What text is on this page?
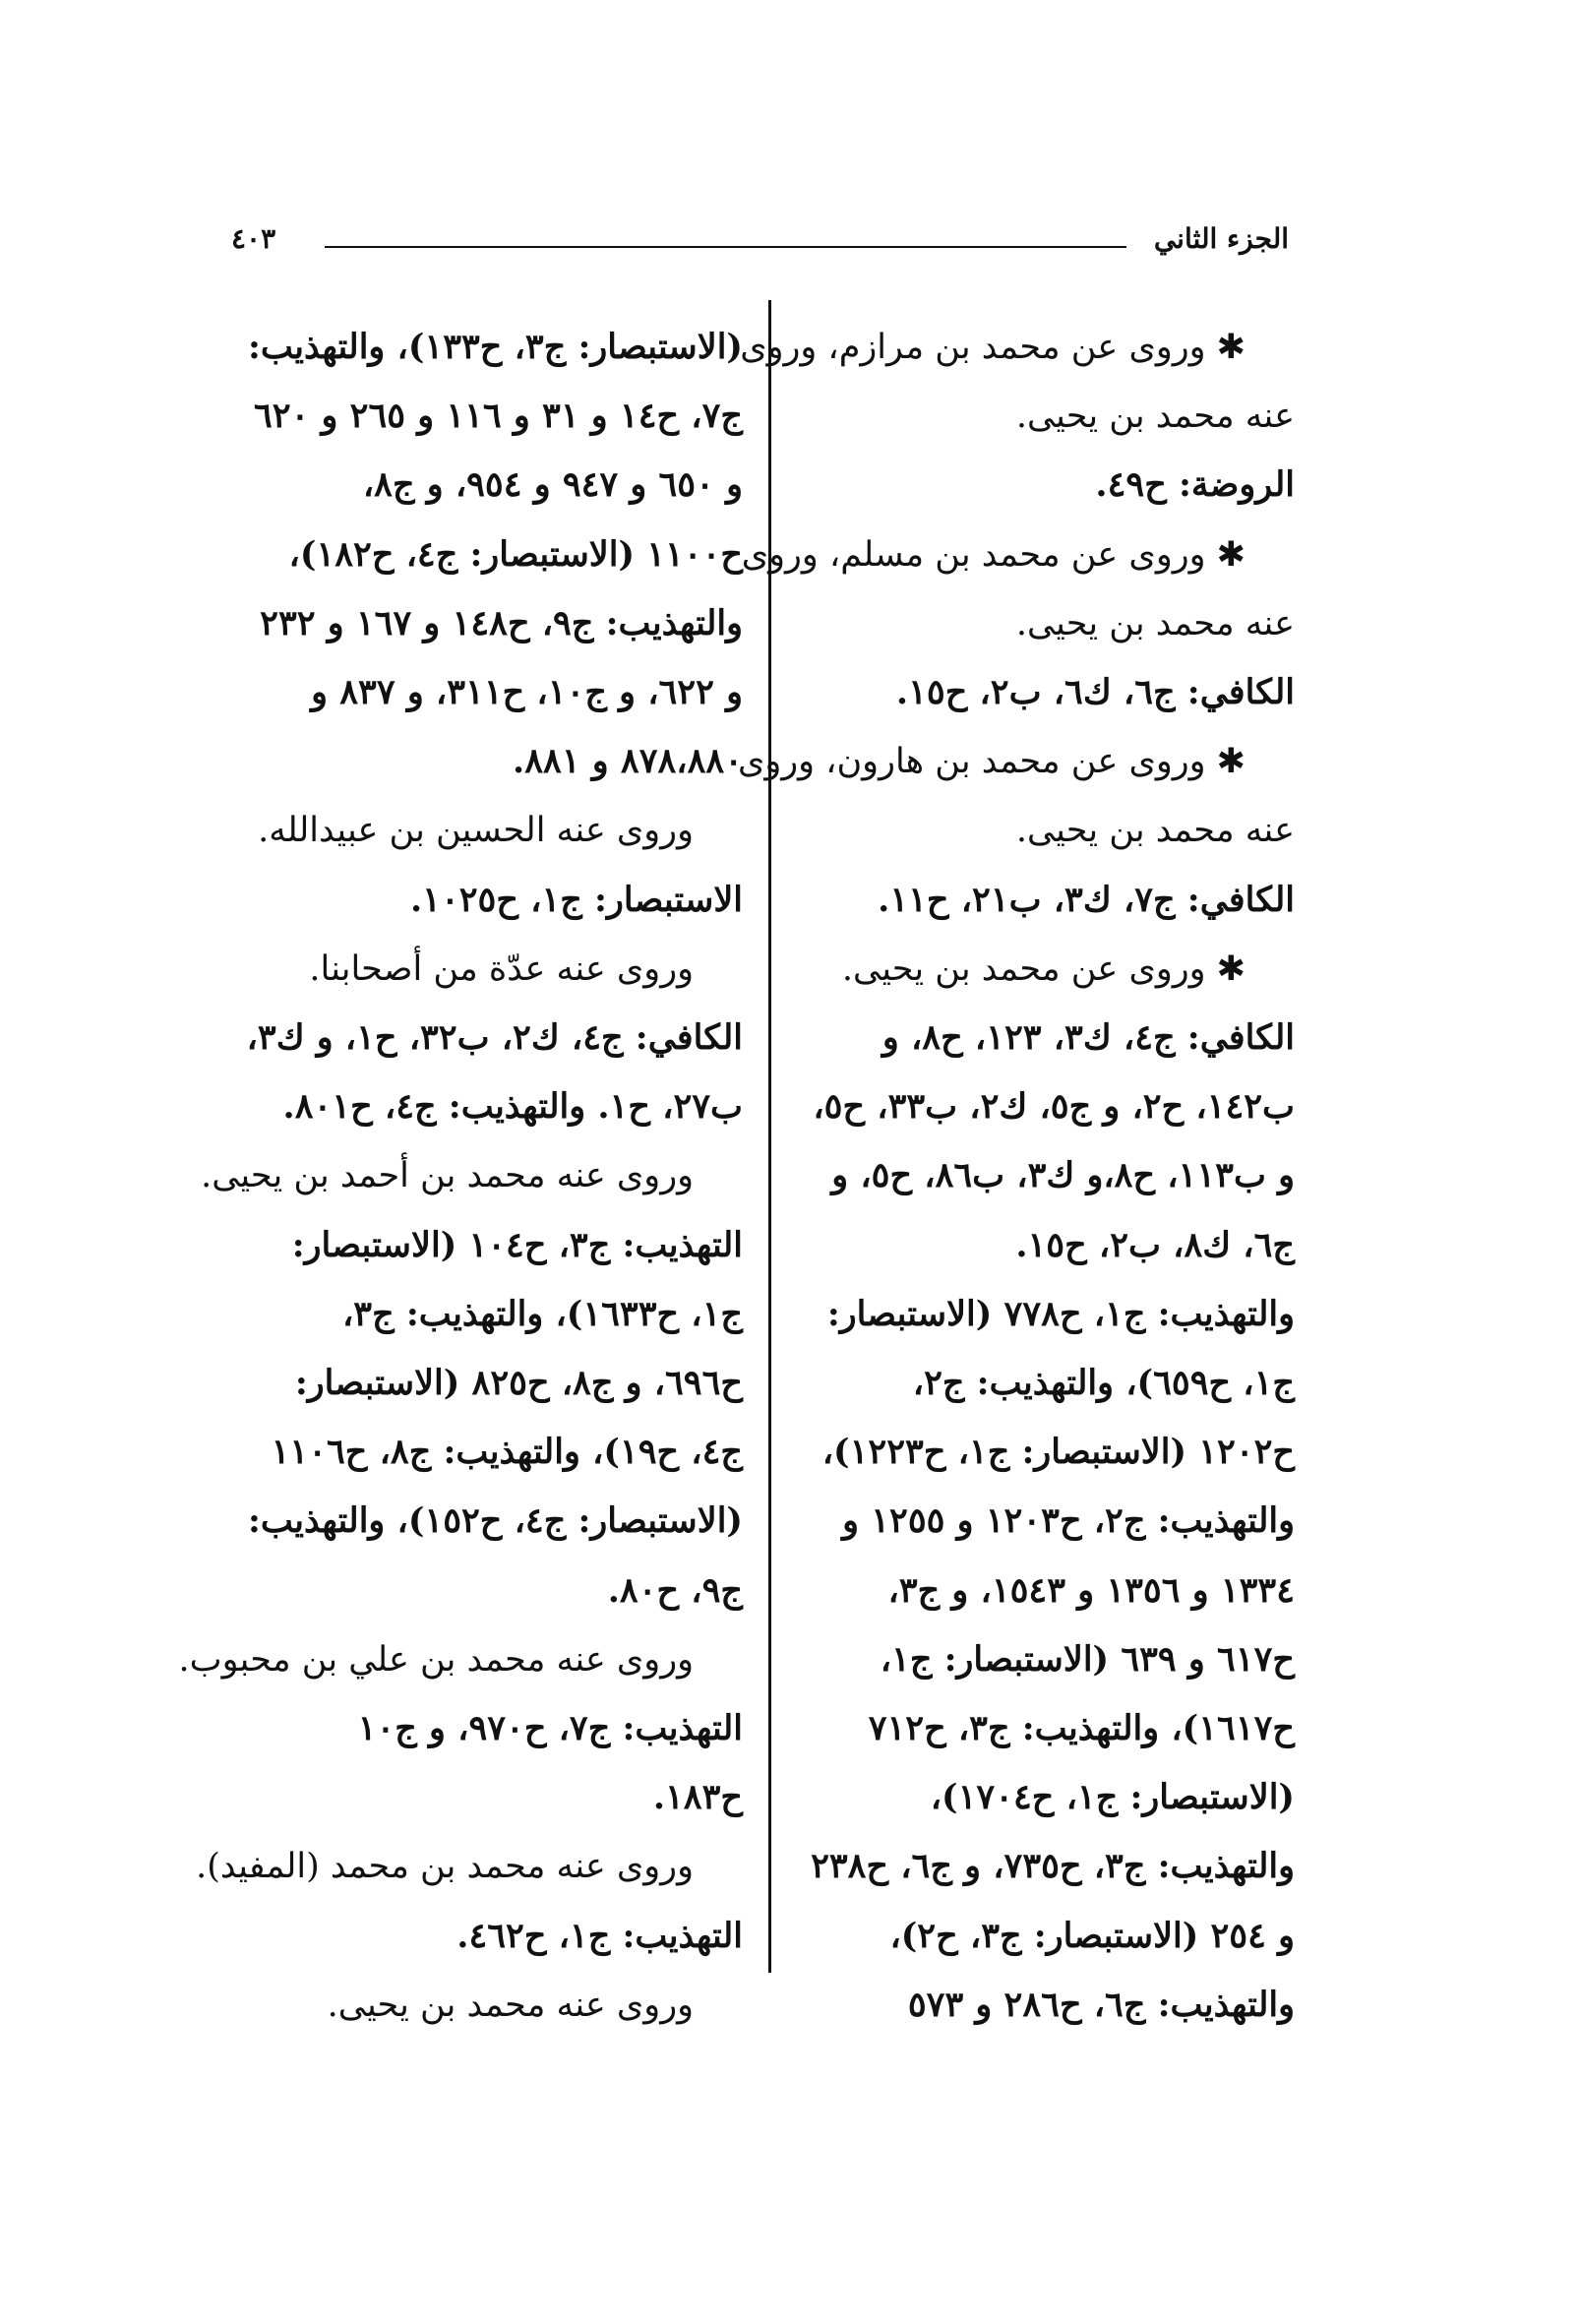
الجزء الثاني
٤٠٣
✱ وروى عن محمد بن مرازم، وروى
عنه محمد بن يحيى.
الروضة: ح٤٩.
✱ وروى عن محمد بن مسلم، وروى
عنه محمد بن يحيى.
الكافي: ج٦، ك٦، ب٢، ح١٥.
✱ وروى عن محمد بن هارون، وروى
عنه محمد بن يحيى.
الكافي: ج٧، ك٣، ب٢١، ح١١.
✱ وروى عن محمد بن يحيى.
الكافي: ج٤، ك٣، ١٢٣، ح٨، و
ب١٤٢، ح٢، و ج٥، ك٢، ب٣٣، ح٥،
و ب١١٣، ح٨،و ك٣، ب٨٦، ح٥، و
ج٦، ك٨، ب٢، ح١٥.
والتهذيب: ج١، ح٧٧٨ (الاستبصار:
ج١، ح٦٥٩)، والتهذيب: ج٢،
ح١٢٠٢ (الاستبصار: ج١، ح١٢٢٣)،
والتهذيب: ج٢، ح١٢٠٣ و ١٢٥٥ و
١٣٣٤ و ١٣٥٦ و ١٥٤٣، و ج٣،
ح٦١٧ و ٦٣٩ (الاستبصار: ج١،
ح١٦١٧)، والتهذيب: ج٣، ح٧١٢
(الاستبصار: ج١، ح١٧٠٤)،
والتهذيب: ج٣، ح٧٣٥، و ج٦، ح٢٣٨
و ٢٥٤ (الاستبصار: ج٣، ح٢)،
والتهذيب: ج٦، ح٢٨٦ و ٥٧٣
(الاستبصار: ج٣، ح١٣٣)، والتهذيب:
ج٧، ح١٤ و ٣١ و ١١٦ و ٢٦٥ و ٦٢٠
و ٦٥٠ و ٩٤٧ و ٩٥٤، و ج٨،
ح١١٠٠ (الاستبصار: ج٤، ح١٨٢)،
والتهذيب: ج٩، ح١٤٨ و ١٦٧ و ٢٣٢
و ٦٢٢، و ج١٠، ح٣١١، و ٨٣٧ و
٨٧٨،٨٨٠ و ٨٨١.
وروى عنه الحسين بن عبيدالله.
الاستبصار: ج١، ح١٠٢٥.
وروى عنه عدّة من أصحابنا.
الكافي: ج٤، ك٢، ب٣٢، ح١، و ك٣،
ب٢٧، ح١. والتهذيب: ج٤، ح٨٠١.
وروى عنه محمد بن أحمد بن يحيى.
التهذيب: ج٣، ح١٠٤ (الاستبصار:
ج١، ح١٦٣٣)، والتهذيب: ج٣،
ح٦٩٦، و ج٨، ح٨٢٥ (الاستبصار:
ج٤، ح١٩)، والتهذيب: ج٨، ح١١٠٦
(الاستبصار: ج٤، ح١٥٢)، والتهذيب:
ج٩، ح٨٠.
وروى عنه محمد بن علي بن محبوب.
التهذيب: ج٧، ح٩٧٠، و ج١٠
ح١٨٣.
وروى عنه محمد بن محمد (المفيد).
التهذيب: ج١، ح٤٦٢.
وروى عنه محمد بن يحيى.
